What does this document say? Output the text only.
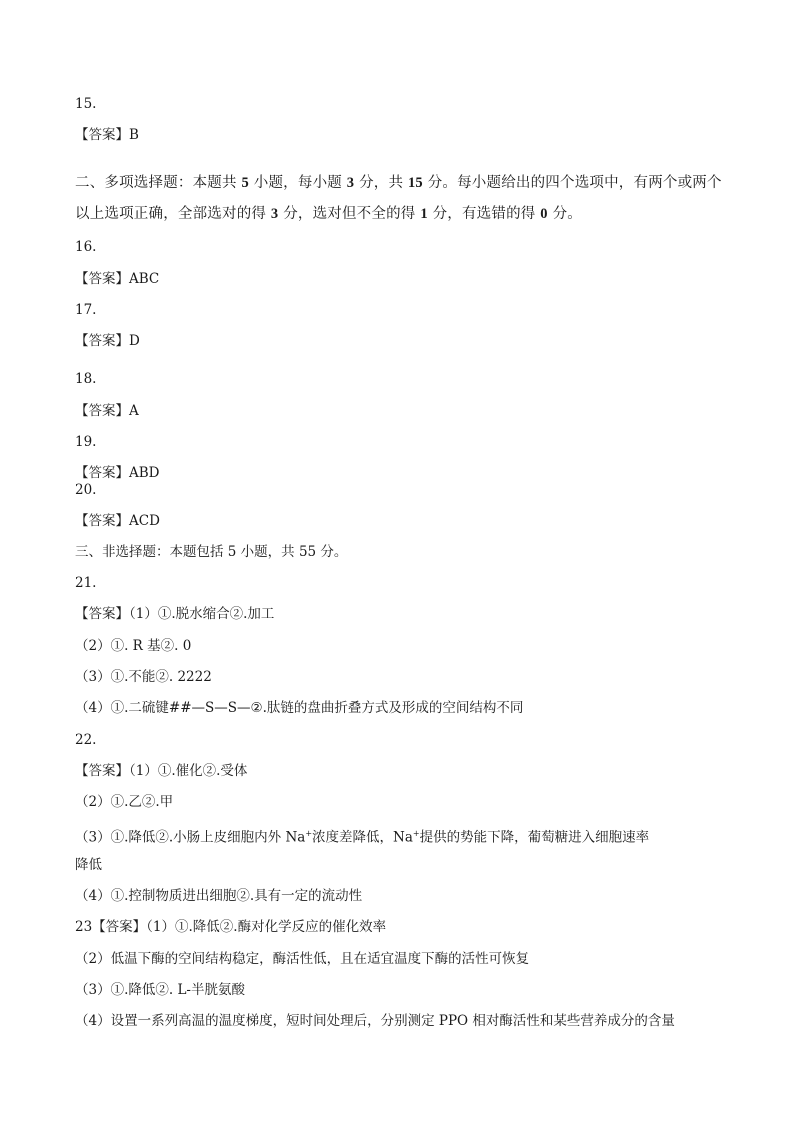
15.

【答案】B

二、多项选择题：本题共 5 小题，每小题 3 分，共 15 分。每小题给出的四个选项中，有两个或两个以上选项正确，全部选对的得 3 分，选对但不全的得 1 分，有选错的得 0 分。

16.

【答案】ABC

17.

【答案】D

18.

【答案】A

19.

【答案】ABD

20.

【答案】ACD

三、非选择题：本题包括 5 小题，共 55 分。

21.

【答案】（1）①.脱水缩合②.加工

（2）①. R 基②. 0

（3）①.不能②. 2222

（4）①.二硫键##—S—S—②.肽链的盘曲折叠方式及形成的空间结构不同

22.

【答案】（1）①.催化②.受体

（2）①.乙②.甲

（3）①.降低②.小肠上皮细胞内外 Na+浓度差降低，Na+提供的势能下降，葡萄糖进入细胞速率

降低

（4）①.控制物质进出细胞②.具有一定的流动性

23【答案】（1）①.降低②.酶对化学反应的催化效率

（2）低温下酶的空间结构稳定，酶活性低，且在适宜温度下酶的活性可恢复

（3）①.降低②. L-半胱氨酸

（4）设置一系列高温的温度梯度，短时间处理后，分别测定 PPO 相对酶活性和某些营养成分的含量
